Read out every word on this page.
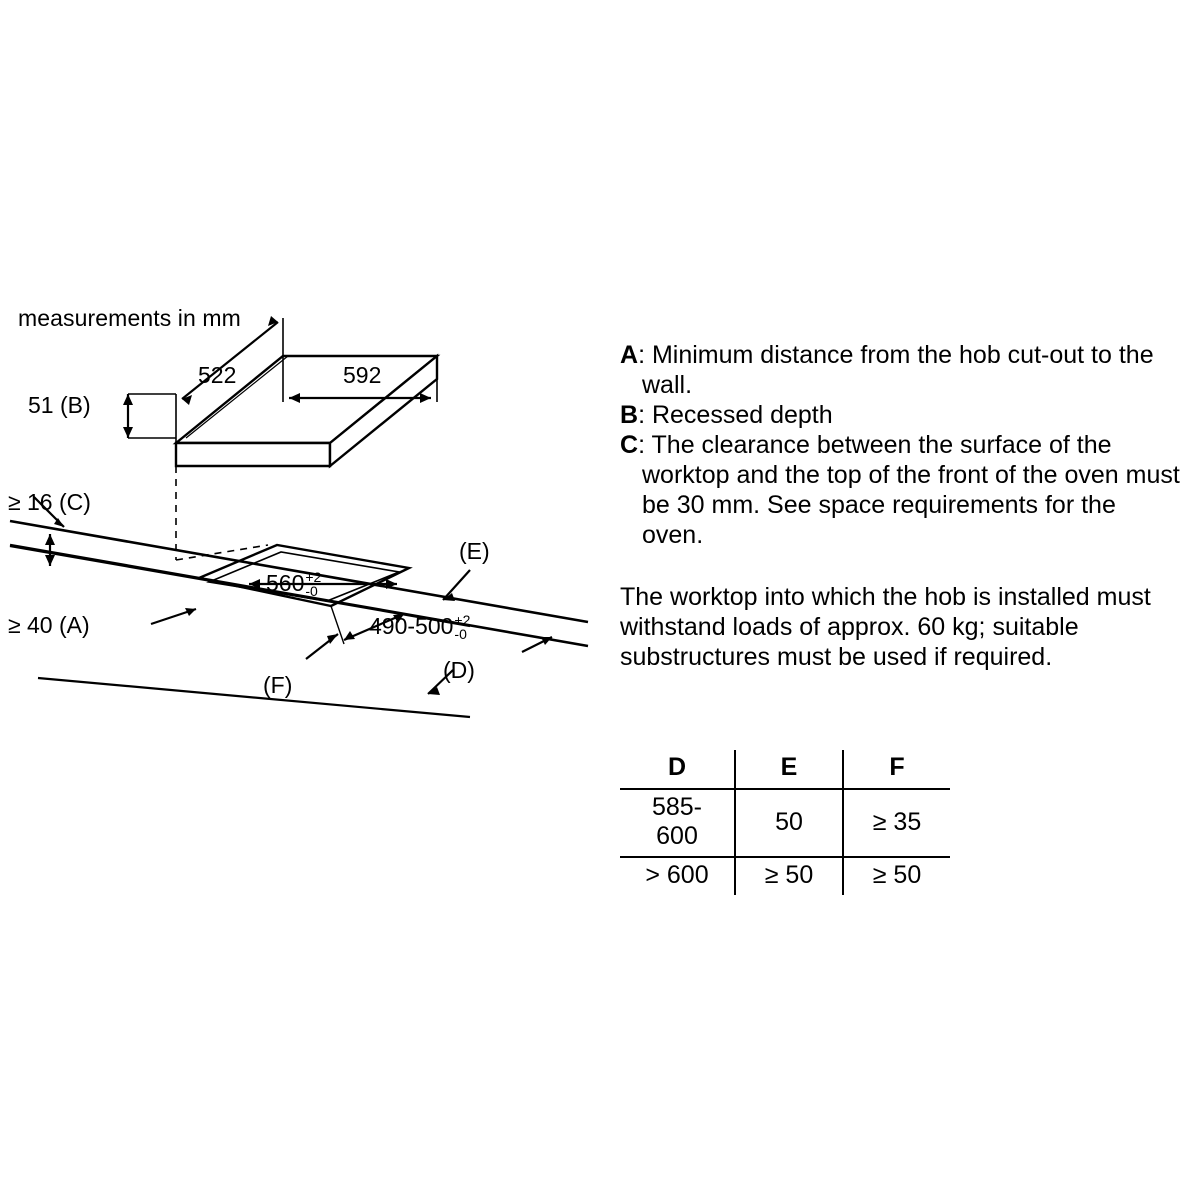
measurements in mm
522	592
51 (B)
≥ 16 (C)
≥ 40 (A)
560 +2
-0
490-500 +2
-0
(E)
(D)
(F)

A: Minimum distance from the hob cut-out to the wall.

B: Recessed depth

C: The clearance between the surface of the worktop and the top of the front of the oven must be 30 mm. See space requirements for the oven.

The worktop into which the hob is installed must withstand loads of approx. 60 kg; suitable substructures must be used if required.
D	E	F
585-600	50	≥ 35
> 600	≥ 50	≥ 50
